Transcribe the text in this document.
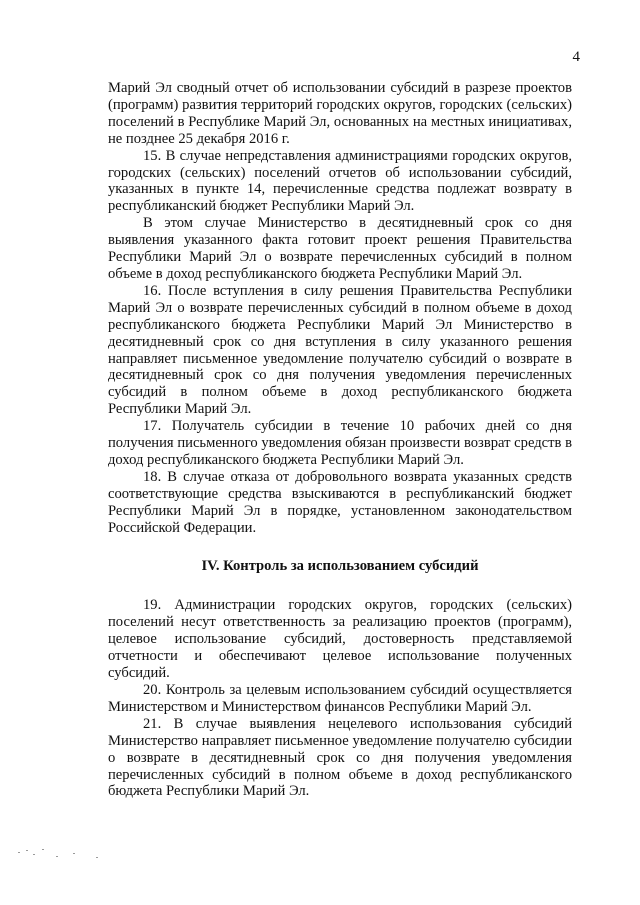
4

Марий Эл сводный отчет об использовании субсидий в разрезе проектов (программ) развития территорий городских округов, городских (сельских) поселений в Республике Марий Эл, основанных на местных инициативах, не позднее 25 декабря 2016 г.

15. В случае непредставления администрациями городских округов, городских (сельских) поселений отчетов об использовании субсидий, указанных в пункте 14, перечисленные средства подлежат возврату в республиканский бюджет Республики Марий Эл.

В этом случае Министерство в десятидневный срок со дня выявления указанного факта готовит проект решения Правительства Республики Марий Эл о возврате перечисленных субсидий в полном объеме в доход республиканского бюджета Республики Марий Эл.

16. После вступления в силу решения Правительства Республики Марий Эл о возврате перечисленных субсидий в полном объеме в доход республиканского бюджета Республики Марий Эл Министерство в десятидневный срок со дня вступления в силу указанного решения направляет письменное уведомление получателю субсидий о возврате в десятидневный срок со дня получения уведомления перечисленных субсидий в полном объеме в доход республиканского бюджета Республики Марий Эл.

17. Получатель субсидии в течение 10 рабочих дней со дня получения письменного уведомления обязан произвести возврат средств в доход республиканского бюджета Республики Марий Эл.

18. В случае отказа от добровольного возврата указанных средств соответствующие средства взыскиваются в республиканский бюджет Республики Марий Эл в порядке, установленном законодательством Российской Федерации.

IV. Контроль за использованием субсидий

19. Администрации городских округов, городских (сельских) поселений несут ответственность за реализацию проектов (программ), целевое использование субсидий, достоверность представляемой отчетности и обеспечивают целевое использование полученных субсидий.

20. Контроль за целевым использованием субсидий осуществляется Министерством и Министерством финансов Республики Марий Эл.

21. В случае выявления нецелевого использования субсидий Министерство направляет письменное уведомление получателю субсидии о возврате в десятидневный срок со дня получения уведомления перечисленных субсидий в полном объеме в доход республиканского бюджета Республики Марий Эл.
